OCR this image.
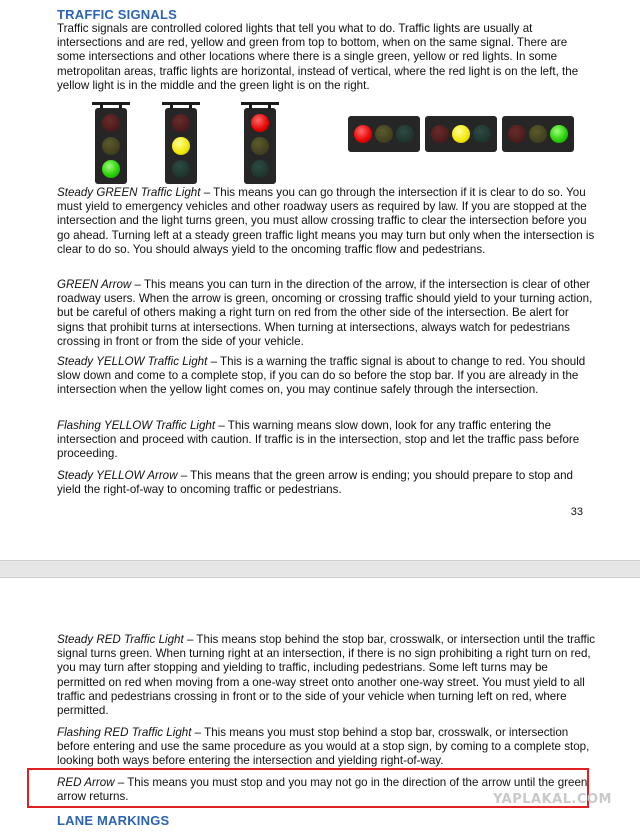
TRAFFIC SIGNALS

Traffic signals are controlled colored lights that tell you what to do. Traffic lights are usually at intersections and are red, yellow and green from top to bottom, when on the same signal. There are some intersections and other locations where there is a single green, yellow or red lights. In some metropolitan areas, traffic lights are horizontal, instead of vertical, where the red light is on the left, the yellow light is in the middle and the green light is on the right.

Steady GREEN Traffic Light – This means you can go through the intersection if it is clear to do so. You must yield to emergency vehicles and other roadway users as required by law. If you are stopped at the intersection and the light turns green, you must allow crossing traffic to clear the intersection before you go ahead. Turning left at a steady green traffic light means you may turn but only when the intersection is clear to do so. You should always yield to the oncoming traffic flow and pedestrians.

GREEN Arrow – This means you can turn in the direction of the arrow, if the intersection is clear of other roadway users. When the arrow is green, oncoming or crossing traffic should yield to your turning action, but be careful of others making a right turn on red from the other side of the intersection. Be alert for signs that prohibit turns at intersections. When turning at intersections, always watch for pedestrians crossing in front or from the side of your vehicle.

Steady YELLOW Traffic Light – This is a warning the traffic signal is about to change to red. You should slow down and come to a complete stop, if you can do so before the stop bar. If you are already in the intersection when the yellow light comes on, you may continue safely through the intersection.

Flashing YELLOW Traffic Light – This warning means slow down, look for any traffic entering the intersection and proceed with caution. If traffic is in the intersection, stop and let the traffic pass before proceeding.

Steady YELLOW Arrow – This means that the green arrow is ending; you should prepare to stop and yield the right-of-way to oncoming traffic or pedestrians.

33

Steady RED Traffic Light – This means stop behind the stop bar, crosswalk, or intersection until the traffic signal turns green. When turning right at an intersection, if there is no sign prohibiting a right turn on red, you may turn after stopping and yielding to traffic, including pedestrians. Some left turns may be permitted on red when moving from a one-way street onto another one-way street. You must yield to all traffic and pedestrians crossing in front or to the side of your vehicle when turning left on red, where permitted.

Flashing RED Traffic Light – This means you must stop behind a stop bar, crosswalk, or intersection before entering and use the same procedure as you would at a stop sign, by coming to a complete stop, looking both ways before entering the intersection and yielding right-of-way.

RED Arrow – This means you must stop and you may not go in the direction of the arrow until the green arrow returns.

LANE MARKINGS
YAPLAKAL.COM
